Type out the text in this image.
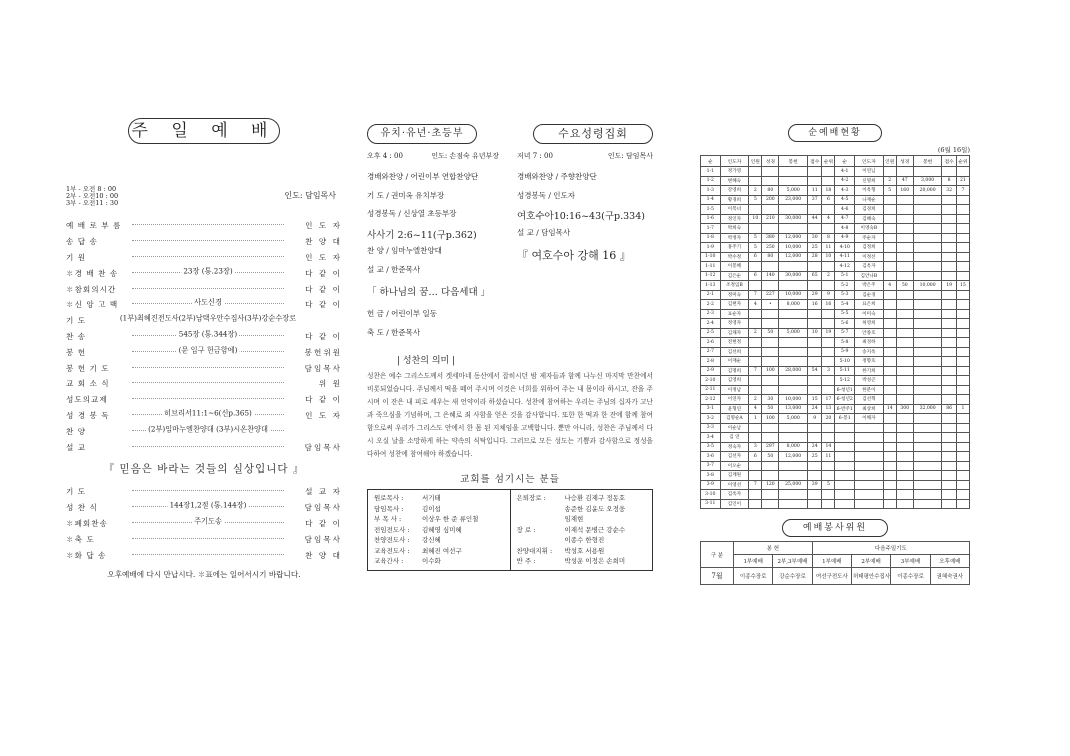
주 일 예 배
1부 - 오전 8 : 00
2부 - 오전10 : 00
3부 - 오전11 : 30
인도: 담임목사
예 배 로 부 름	인 도 자
송 답 송	찬 양 대
기 원	인 도 자
✽경 배 찬 송	23장 (통.23장)	다 같 이
✽참회의시간	다 같 이
✽신 앙 고 백	사도신경	다 같 이
기 도	(1부)최혜진전도사(2부)남택우안수집사(3부)강순수장로
찬 송	545장 (통.344장)	다 같 이
봉 헌	(문 입구 헌금함에)	봉헌위원
봉 헌 기 도	담임목사
교 회 소 식	위 원
성도의교제	다 같 이
성 경 봉 독	히브리서11:1~6(신p.365)	인 도 자
찬 양	(2부)임마누엘찬양대 (3부)시온찬양대
설 교	담임목사
『 믿음은 바라는 것들의 실상입니다 』
기 도	설 교 자
성 찬 식	144장1,2절 (통.144장)	담임목사
✽폐회찬송	주기도송	다 같 이
✽축 도	담임목사
✽화 답 송	찬 양 대
오후예배에 다시 만납시다. ✽표에는 일어서시기 바랍니다.
유치·유년·초등부	수요성령집회
오후 4 : 00	인도: 손점숙 유년부장
경배와찬양 / 어린이부 연합찬양단
기 도 / 권미옥 유치부장
성경봉독 / 신상열 초등부장
사사기 2:6~11(구p.362)
찬 양 / 임마누엘찬양대
설 교 / 한준목사
「 하나님의 꿈… 다음세대 」
헌 금 / 어린이부 일동
축 도 / 한준목사
저녁 7 : 00	인도: 담임목사
경배와찬양 / 주향찬양단
성경봉독 / 인도자
여호수아10:16~43(구p.334)
설 교 / 담임목사
『 여호수아 강해 16 』
| 성찬의 의미 |
성찬은 예수 그리스도께서 겟세마네 동산에서 잡히시던 밤 제자들과 함께 나누신 마지막 만찬에서 비롯되었습니다. 주님께서 떡을 떼어 주시며 이것은 너희를 위하여 주는 내 몸이라 하시고, 잔을 주시며 이 잔은 내 피로 세우는 새 언약이라 하셨습니다. 성찬에 참여하는 우리는 주님의 십자가 고난과 죽으심을 기념하며, 그 은혜로 죄 사함을 얻은 것을 감사합니다. 또한 한 떡과 한 잔에 함께 참여함으로써 우리가 그리스도 안에서 한 몸 된 지체임을 고백합니다. 뿐만 아니라, 성찬은 주님께서 다시 오실 날을 소망하게 하는 약속의 식탁입니다. 그러므로 모든 성도는 기쁨과 감사함으로 정성을 다하여 성찬에 참여해야 하겠습니다.
교회를 섬기시는 분들
원로목사 :	서기태
담임목사 :	김이섭
부 목 사 :	이상우 한 준 류인철
전임전도사 :	김혜영 심미혜
찬양전도사 :	강신혜
교육전도사 :	최혜진 여선구
교육간사 :	이수화
은퇴장로 :	나승환 김재구 정동호
송준한 김윤도 오정웅
임재현
장 로 :	이재석 문병근 강순수
이종수 한형진
찬양대지휘 :	박성호 서용원
반 주 :	박성운 이정은 손희미
순예배현황
(6월 16일)
순	인도자	인원	성경	봉헌	점수	순위	순	인도자	인원	성경	봉헌	점수	순위
1-1	정가영						4-1	이연님					
1-2	변혜숙						4-2	신명희	2	47	3,000	8	21
1-3	강영희	2	80	5,000	11	18	4-3	이옥형	5	160	20,000	32	7
1-4	황경희	5	200	23,000	37	6	4-5	나재순					
1-5	이복녀						4-6	김경희					
1-6	정인자	10	210	30,000	44	4	4-7	김혜숙					
1-7	박희숙						4-8	이영숙B					
1-8	박정자	5	380	12,000	30	8	4-9	주순자					
1-9	홍주기	5	250	10,000	25	11	4-10	김정희					
1-10	박수정	6	80	12,000	28	10	4-11	이정선					
1-11	이봉혜						4-12	김옥자					
1-12	김은순	6	140	30,000	65	2	5-1	김안나B					
1-13	조정임B						5-2	박은주	4	50	10,000	19	15
2-1	정미숙	7	227	10,000	29	9	5-3	김순경					
2-2	김현자	4	•	8,000	16	16	5-4	표은희					
2-3	표순자						5-5	이미숙					
2-4	정영자						5-6	허영희					
2-5	김채자	2	50	5,000	10	19	5-7	안종호					
2-6	전현정						5-8	최경하					
2-7	김선희						5-9	송지옥					
2-8	이재순						5-10	정향호					
2-9	김명희	7	100	28,000	54	3	5-11	한기희					
2-10	김영희						5-12	박성곤					
2-11	이정남						6-청년1	한분이					
2-12	이연자	2	30	10,000	15	17	6-청년2	김선혁					
3-1	윤형연	4	50	13,000	24	13	6-반주1	최상희	14	300	32,000	86	1
3-2	김명순A	1	100	5,000	9	20	6-봉1	이해자					
3-3	이순남												
3-4	김 연												
3-5	정숙자	3	297	8,000	24	14							
3-6	김선자	6	50	12,000	25	11							
3-7	이오순												
3-8	김계원												
3-9	이영선	7	120	25,000	39	5							
3-10	김옥자												
3-11	김인이												
예배봉사위원
구 분	봉 헌		다음주일기도			
	1부예배	2부,3부예배	1부예배	2부예배	3부예배	오후예배
7월	이종수장로	강순수장로	여선구전도사	허태평안수집사	이종수장로	권혜숙권사
